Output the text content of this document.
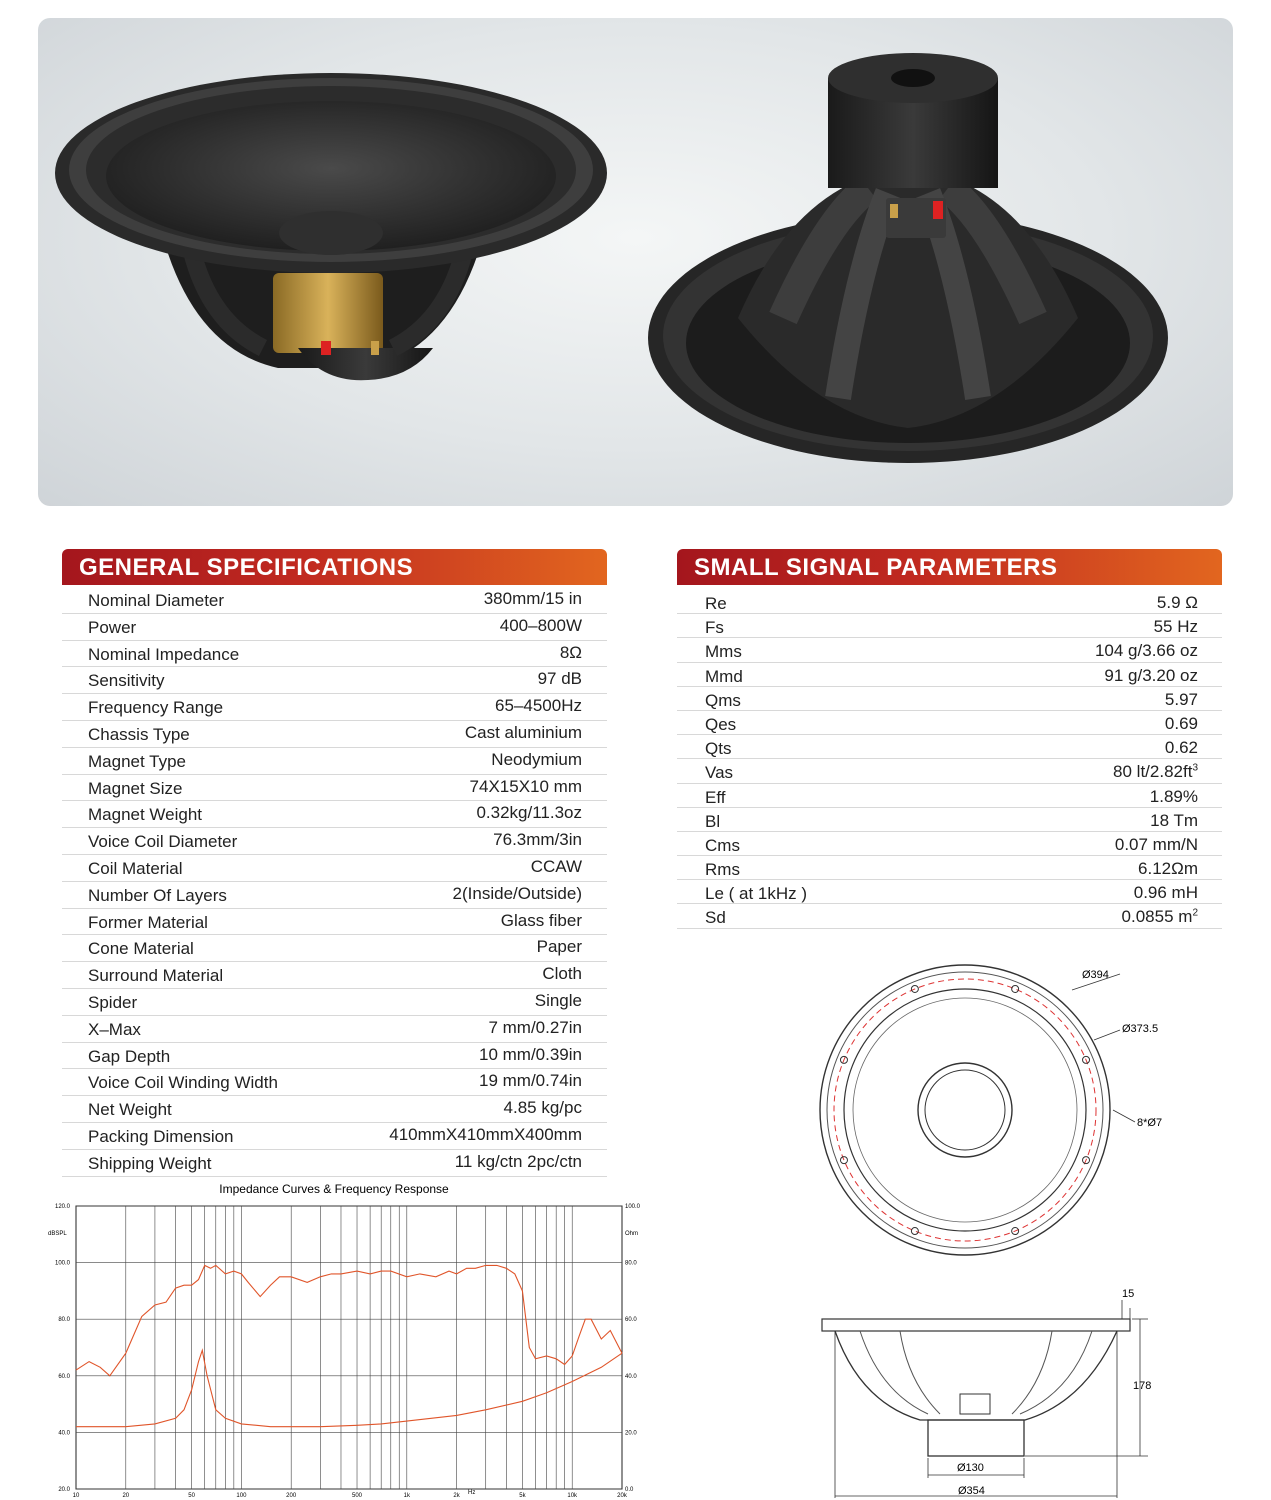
GENERAL SPECIFICATIONS
Nominal Diameter	380mm/15 in
Power	400–800W
Nominal Impedance	8Ω
Sensitivity	97 dB
Frequency Range	65–4500Hz
Chassis Type	Cast aluminium
Magnet Type	Neodymium
Magnet Size	74X15X10 mm
Magnet Weight	0.32kg/11.3oz
Voice Coil Diameter	76.3mm/3in
Coil Material	CCAW
Number Of Layers	2(Inside/Outside)
Former Material	Glass fiber
Cone Material	Paper
Surround Material	Cloth
Spider	Single
X–Max	7 mm/0.27in
Gap Depth	10 mm/0.39in
Voice Coil Winding Width	19 mm/0.74in
Net Weight	4.85 kg/pc
Packing Dimension	410mmX410mmX400mm
Shipping Weight	11 kg/ctn 2pc/ctn
SMALL SIGNAL PARAMETERS
Re	5.9 Ω
Fs	55 Hz
Mms	104 g/3.66 oz
Mmd	91 g/3.20 oz
Qms	5.97
Qes	0.69
Qts	0.62
Vas	80 $lt/2.82ft^3$
Eff	1.89%
Bl	18 Tm
Cms	0.07 mm/N
Rms	6.12Ωm
Le ( at 1kHz )	0.96 mH
Sd	0.0855 $m^2$
Ø394
Ø373.5
8*Ø7
15
178
Ø130
Ø354
Impedance Curves & Frequency Response
dBSPL	Ohm
Hz
20.0
40.0
60.0
80.0
100.0
120.0
0.0
20.0
40.0
60.0
80.0
100.0
10	20	50	100	200	500	1k	2k	5k	10k	20k
